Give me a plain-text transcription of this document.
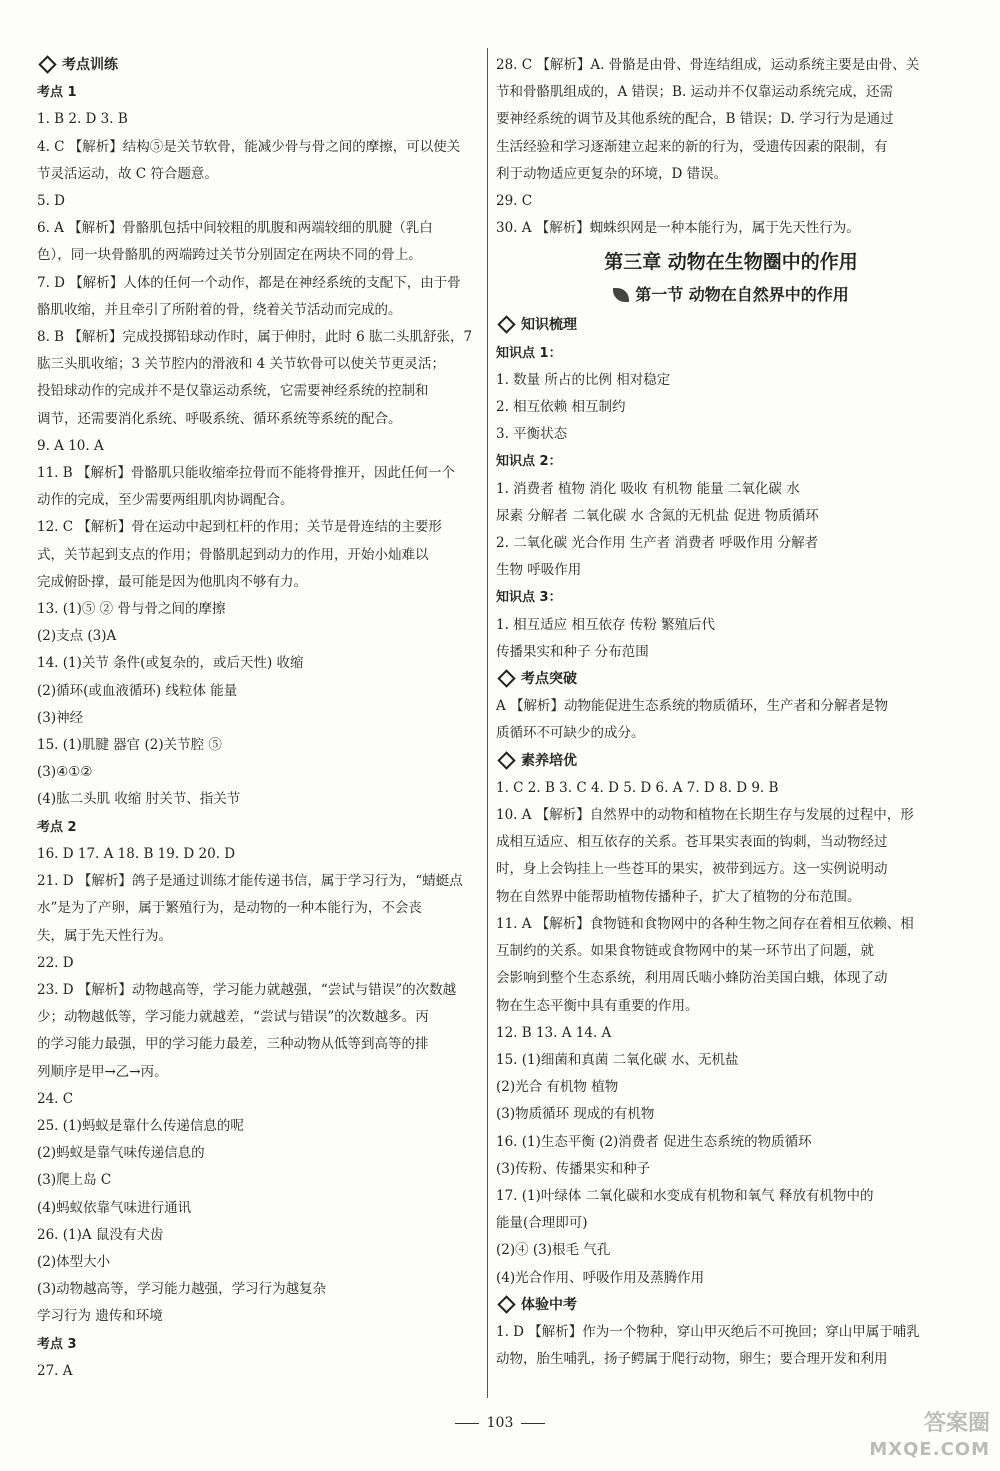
考点训练
考点 1
1. B 2. D 3. B
4. C 【解析】结构⑤是关节软骨，能减少骨与骨之间的摩擦，可以使关
节灵活运动，故 C 符合题意。
5. D
6. A 【解析】骨骼肌包括中间较粗的肌腹和两端较细的肌腱（乳白
色），同一块骨骼肌的两端跨过关节分别固定在两块不同的骨上。
7. D 【解析】人体的任何一个动作，都是在神经系统的支配下，由于骨
骼肌收缩，并且牵引了所附着的骨，绕着关节活动而完成的。
8. B 【解析】完成投掷铅球动作时，属于伸肘，此时 6 肱二头肌舒张，7
肱三头肌收缩；3 关节腔内的滑液和 4 关节软骨可以使关节更灵活；
投铅球动作的完成并不是仅靠运动系统，它需要神经系统的控制和
调节，还需要消化系统、呼吸系统、循环系统等系统的配合。
9. A 10. A
11. B 【解析】骨骼肌只能收缩牵拉骨而不能将骨推开，因此任何一个
动作的完成，至少需要两组肌肉协调配合。
12. C 【解析】骨在运动中起到杠杆的作用；关节是骨连结的主要形
式，关节起到支点的作用；骨骼肌起到动力的作用，开始小灿难以
完成俯卧撑，最可能是因为他肌肉不够有力。
13. (1)⑤ ② 骨与骨之间的摩擦
(2)支点 (3)A
14. (1)关节 条件(或复杂的，或后天性) 收缩
(2)循环(或血液循环) 线粒体 能量
(3)神经
15. (1)肌腱 器官 (2)关节腔 ⑤
(3)④①②
(4)肱二头肌 收缩 肘关节、指关节
考点 2
16. D 17. A 18. B 19. D 20. D
21. D 【解析】鸽子是通过训练才能传递书信，属于学习行为，“蜻蜓点
水”是为了产卵，属于繁殖行为，是动物的一种本能行为，不会丧
失，属于先天性行为。
22. D
23. D 【解析】动物越高等，学习能力就越强，“尝试与错误”的次数越
少；动物越低等，学习能力就越差，“尝试与错误”的次数越多。丙
的学习能力最强，甲的学习能力最差，三种动物从低等到高等的排
列顺序是甲→乙→丙。
24. C
25. (1)蚂蚁是靠什么传递信息的呢
(2)蚂蚁是靠气味传递信息的
(3)爬上岛 C
(4)蚂蚁依靠气味进行通讯
26. (1)A 鼠没有犬齿
(2)体型大小
(3)动物越高等，学习能力越强，学习行为越复杂
学习行为 遗传和环境
考点 3
27. A
28. C 【解析】A. 骨骼是由骨、骨连结组成，运动系统主要是由骨、关
节和骨骼肌组成的，A 错误；B. 运动并不仅靠运动系统完成，还需
要神经系统的调节及其他系统的配合，B 错误；D. 学习行为是通过
生活经验和学习逐渐建立起来的新的行为，受遗传因素的限制，有
利于动物适应更复杂的环境，D 错误。
29. C
30. A 【解析】蜘蛛织网是一种本能行为，属于先天性行为。
第三章 动物在生物圈中的作用
第一节 动物在自然界中的作用
知识梳理
知识点 1：
1. 数量 所占的比例 相对稳定
2. 相互依赖 相互制约
3. 平衡状态
知识点 2：
1. 消费者 植物 消化 吸收 有机物 能量 二氧化碳 水
尿素 分解者 二氧化碳 水 含氮的无机盐 促进 物质循环
2. 二氧化碳 光合作用 生产者 消费者 呼吸作用 分解者
生物 呼吸作用
知识点 3：
1. 相互适应 相互依存 传粉 繁殖后代
传播果实和种子 分布范围
考点突破
A 【解析】动物能促进生态系统的物质循环，生产者和分解者是物
质循环不可缺少的成分。
素养培优
1. C 2. B 3. C 4. D 5. D 6. A 7. D 8. D 9. B
10. A 【解析】自然界中的动物和植物在长期生存与发展的过程中，形
成相互适应、相互依存的关系。苍耳果实表面的钩刺，当动物经过
时，身上会钩挂上一些苍耳的果实，被带到远方。这一实例说明动
物在自然界中能帮助植物传播种子，扩大了植物的分布范围。
11. A 【解析】食物链和食物网中的各种生物之间存在着相互依赖、相
互制约的关系。如果食物链或食物网中的某一环节出了问题，就
会影响到整个生态系统，利用周氏啮小蜂防治美国白蛾，体现了动
物在生态平衡中具有重要的作用。
12. B 13. A 14. A
15. (1)细菌和真菌 二氧化碳 水、无机盐
(2)光合 有机物 植物
(3)物质循环 现成的有机物
16. (1)生态平衡 (2)消费者 促进生态系统的物质循环
(3)传粉、传播果实和种子
17. (1)叶绿体 二氧化碳和水变成有机物和氧气 释放有机物中的
能量(合理即可)
(2)④ (3)根毛 气孔
(4)光合作用、呼吸作用及蒸腾作用
体验中考
1. D 【解析】作为一个物种，穿山甲灭绝后不可挽回；穿山甲属于哺乳
动物，胎生哺乳，扬子鳄属于爬行动物，卵生；要合理开发和利用
103	答案圈
MXQE.COM
